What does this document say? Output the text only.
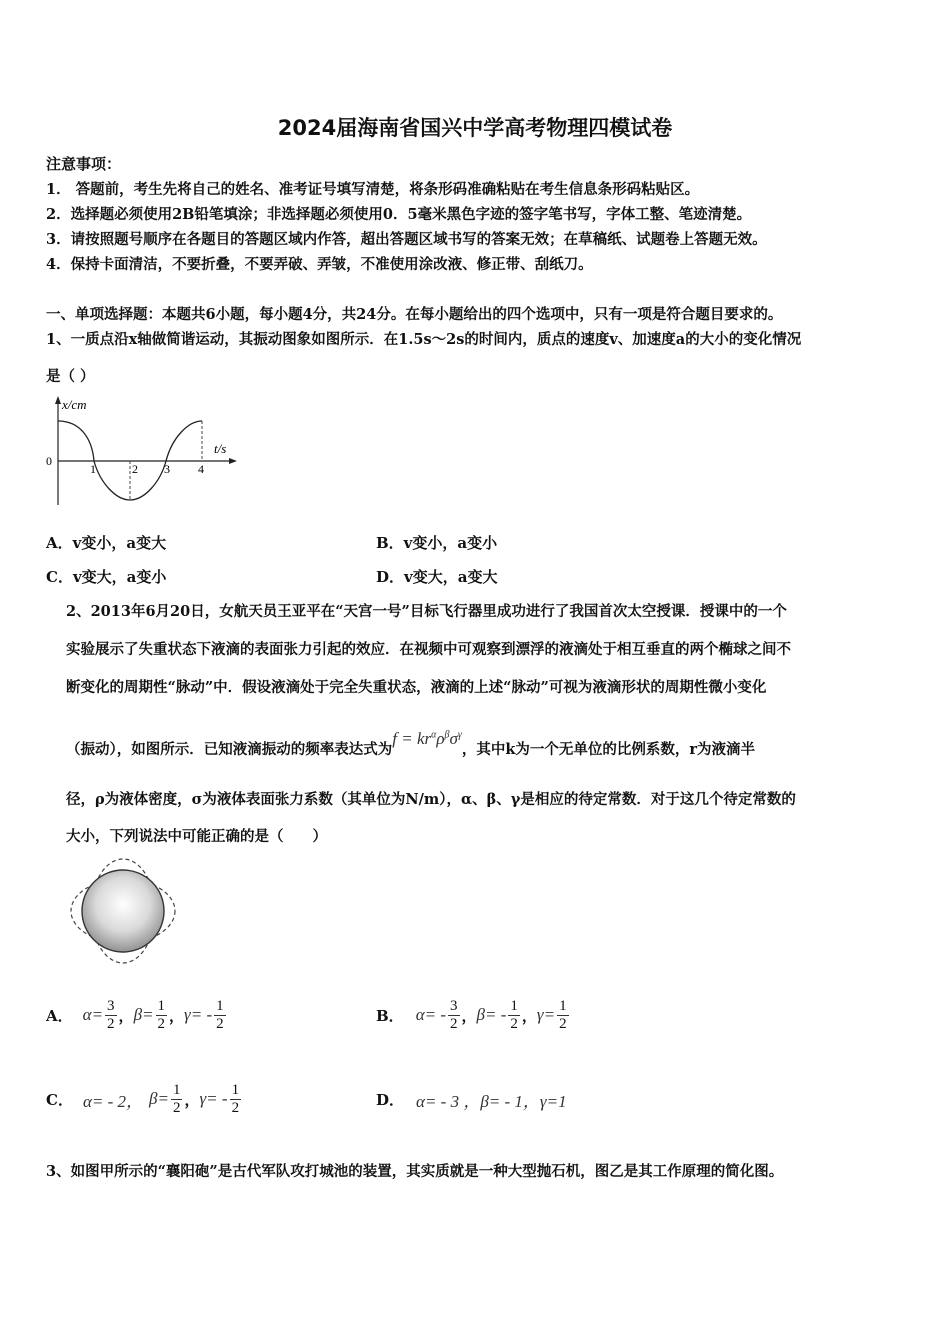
2024届海南省国兴中学高考物理四模试卷
注意事项：
1． 答题前，考生先将自己的姓名、准考证号填写清楚，将条形码准确粘贴在考生信息条形码粘贴区。
2．选择题必须使用2B铅笔填涂；非选择题必须使用0．5毫米黑色字迹的签字笔书写，字体工整、笔迹清楚。
3．请按照题号顺序在各题目的答题区域内作答，超出答题区域书写的答案无效；在草稿纸、试题卷上答题无效。
4．保持卡面清洁，不要折叠，不要弄破、弄皱，不准使用涂改液、修正带、刮纸刀。
一、单项选择题：本题共6小题，每小题4分，共24分。在每小题给出的四个选项中，只有一项是符合题目要求的。
1、一质点沿x轴做简谐运动，其振动图象如图所示．在1.5s～2s的时间内，质点的速度v、加速度a的大小的变化情况
是（ ）
x/cm
t/s
0
1	2 3 4
A．v变小，a变大	B．v变小，a变小
C．v变大，a变小	D．v变大，a变大
2、2013年6月20日，女航天员王亚平在“天宫一号”目标飞行器里成功进行了我国首次太空授课．授课中的一个
实验展示了失重状态下液滴的表面张力引起的效应．在视频中可观察到漂浮的液滴处于相互垂直的两个椭球之间不
断变化的周期性“脉动”中．假设液滴处于完全失重状态，液滴的上述“脉动”可视为液滴形状的周期性微小变化
（振动），如图所示．已知液滴振动的频率表达式为$f = kr^\alpha\rho^\beta\sigma^\gamma$，其中k为一个无单位的比例系数，r为液滴半
径，ρ为液体密度，σ为液体表面张力系数（其单位为N/m），α、β、γ是相应的待定常数．对于这几个待定常数的
大小，下列说法中可能正确的是（　　）
A． $\alpha= \frac{3}{2}$ ， $\beta= \frac{1}{2}$ ， $\gamma= - \frac{1}{2}$	B． $\alpha= - \frac{3}{2}$ ， $\beta= - \frac{1}{2}$ ， $\gamma= \frac{1}{2}$
C． α= - 2， $\beta= \frac{1}{2}$ ， $\gamma= - \frac{1}{2}$	D． α= - 3 ，β= - 1，γ=1
3、如图甲所示的“襄阳砲”是古代军队攻打城池的装置，其实质就是一种大型抛石机，图乙是其工作原理的简化图。
